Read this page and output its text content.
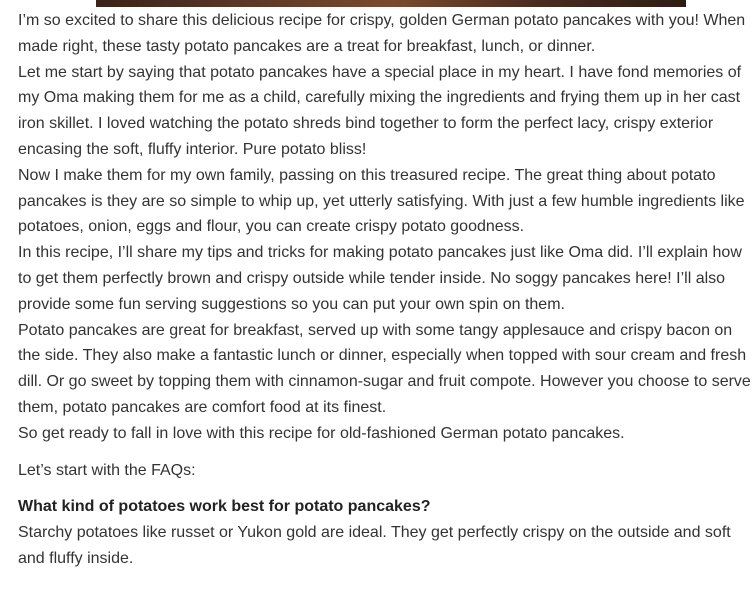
I’m so excited to share this delicious recipe for crispy, golden German potato pancakes with you! When made right, these tasty potato pancakes are a treat for breakfast, lunch, or dinner.

Let me start by saying that potato pancakes have a special place in my heart. I have fond memories of my Oma making them for me as a child, carefully mixing the ingredients and frying them up in her cast iron skillet. I loved watching the potato shreds bind together to form the perfect lacy, crispy exterior encasing the soft, fluffy interior. Pure potato bliss!

Now I make them for my own family, passing on this treasured recipe. The great thing about potato pancakes is they are so simple to whip up, yet utterly satisfying. With just a few humble ingredients like potatoes, onion, eggs and flour, you can create crispy potato goodness.

In this recipe, I’ll share my tips and tricks for making potato pancakes just like Oma did. I’ll explain how to get them perfectly brown and crispy outside while tender inside. No soggy pancakes here! I’ll also provide some fun serving suggestions so you can put your own spin on them.

Potato pancakes are great for breakfast, served up with some tangy applesauce and crispy bacon on the side. They also make a fantastic lunch or dinner, especially when topped with sour cream and fresh dill. Or go sweet by topping them with cinnamon-sugar and fruit compote. However you choose to serve them, potato pancakes are comfort food at its finest.

So get ready to fall in love with this recipe for old-fashioned German potato pancakes.

Let’s start with the FAQs:

What kind of potatoes work best for potato pancakes?

Starchy potatoes like russet or Yukon gold are ideal. They get perfectly crispy on the outside and soft and fluffy inside.
